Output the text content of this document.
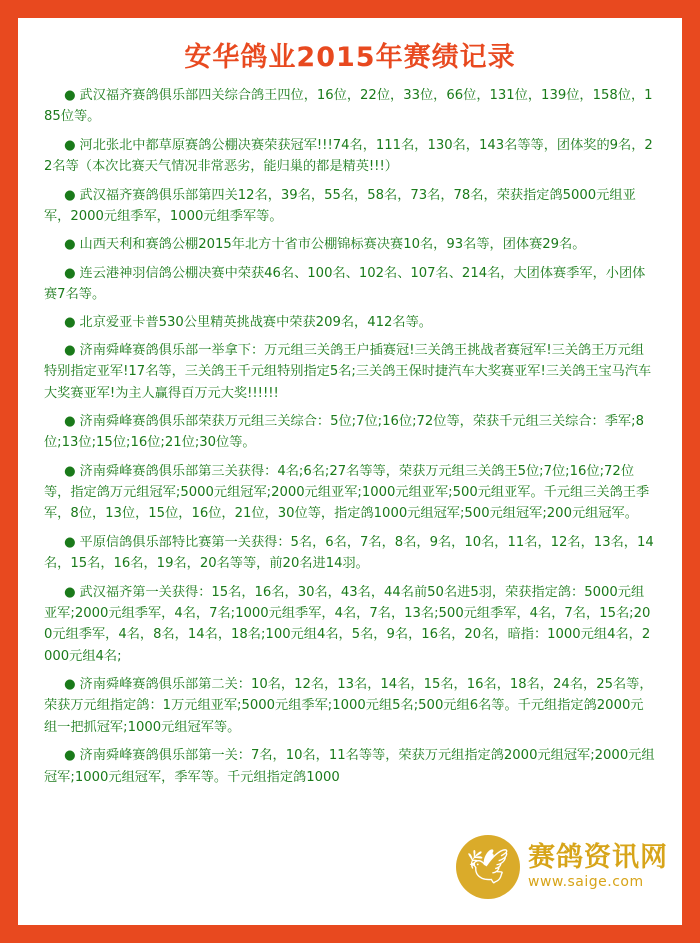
安华鸽业2015年赛绩记录

● 武汉福齐赛鸽俱乐部四关综合鸽王四位，16位，22位，33位，66位，131位，139位，158位，185位等。

● 河北张北中都草原赛鸽公棚决赛荣获冠军!!!74名，111名，130名，143名等等，团体奖的9名，22名等（本次比赛天气情况非常恶劣，能归巢的都是精英!!!）

● 武汉福齐赛鸽俱乐部第四关12名，39名，55名，58名，73名，78名，荣获指定鸽5000元组亚军，2000元组季军，1000元组季军等。

● 山西天利和赛鸽公棚2015年北方十省市公棚锦标赛决赛10名，93名等，团体赛29名。

● 连云港神羽信鸽公棚决赛中荣获46名、100名、102名、107名、214名，大团体赛季军，小团体赛7名等。

● 北京爱亚卡普530公里精英挑战赛中荣获209名，412名等。

● 济南舜峰赛鸽俱乐部一举拿下：万元组三关鸽王户插赛冠!三关鸽王挑战者赛冠军!三关鸽王万元组特别指定亚军!17名等，三关鸽王千元组特别指定5名;三关鸽王保时捷汽车大奖赛亚军!三关鸽王宝马汽车大奖赛亚军!为主人赢得百万元大奖!!!!!!

● 济南舜峰赛鸽俱乐部荣获万元组三关综合：5位;7位;16位;72位等，荣获千元组三关综合：季军;8位;13位;15位;16位;21位;30位等。

● 济南舜峰赛鸽俱乐部第三关获得：4名;6名;27名等等，荣获万元组三关鸽王5位;7位;16位;72位等，指定鸽万元组冠军;5000元组冠军;2000元组亚军;1000元组亚军;500元组亚军。千元组三关鸽王季军，8位，13位，15位，16位，21位，30位等，指定鸽1000元组冠军;500元组冠军;200元组冠军。

● 平原信鸽俱乐部特比赛第一关获得：5名，6名，7名，8名，9名，10名，11名，12名，13名，14名，15名，16名，19名，20名等等，前20名进14羽。

● 武汉福齐第一关获得：15名，16名，30名，43名，44名前50名进5羽，荣获指定鸽：5000元组亚军;2000元组季军，4名，7名;1000元组季军，4名，7名，13名;500元组季军，4名，7名，15名;200元组季军，4名，8名，14名，18名;100元组4名，5名，9名，16名，20名，暗指：1000元组4名，2000元组4名;

● 济南舜峰赛鸽俱乐部第二关：10名，12名，13名，14名，15名，16名，18名，24名，25名等，荣获万元组指定鸽：1万元组亚军;5000元组季军;1000元组5名;500元组6名等。千元组指定鸽2000元组一把抓冠军;1000元组冠军等。

● 济南舜峰赛鸽俱乐部第一关：7名，10名，11名等等，荣获万元组指定鸽2000元组冠军;2000元组冠军;1000元组冠军，季军等。千元组指定鸽1000

🕊 赛鸽资讯网
www.saige.com
